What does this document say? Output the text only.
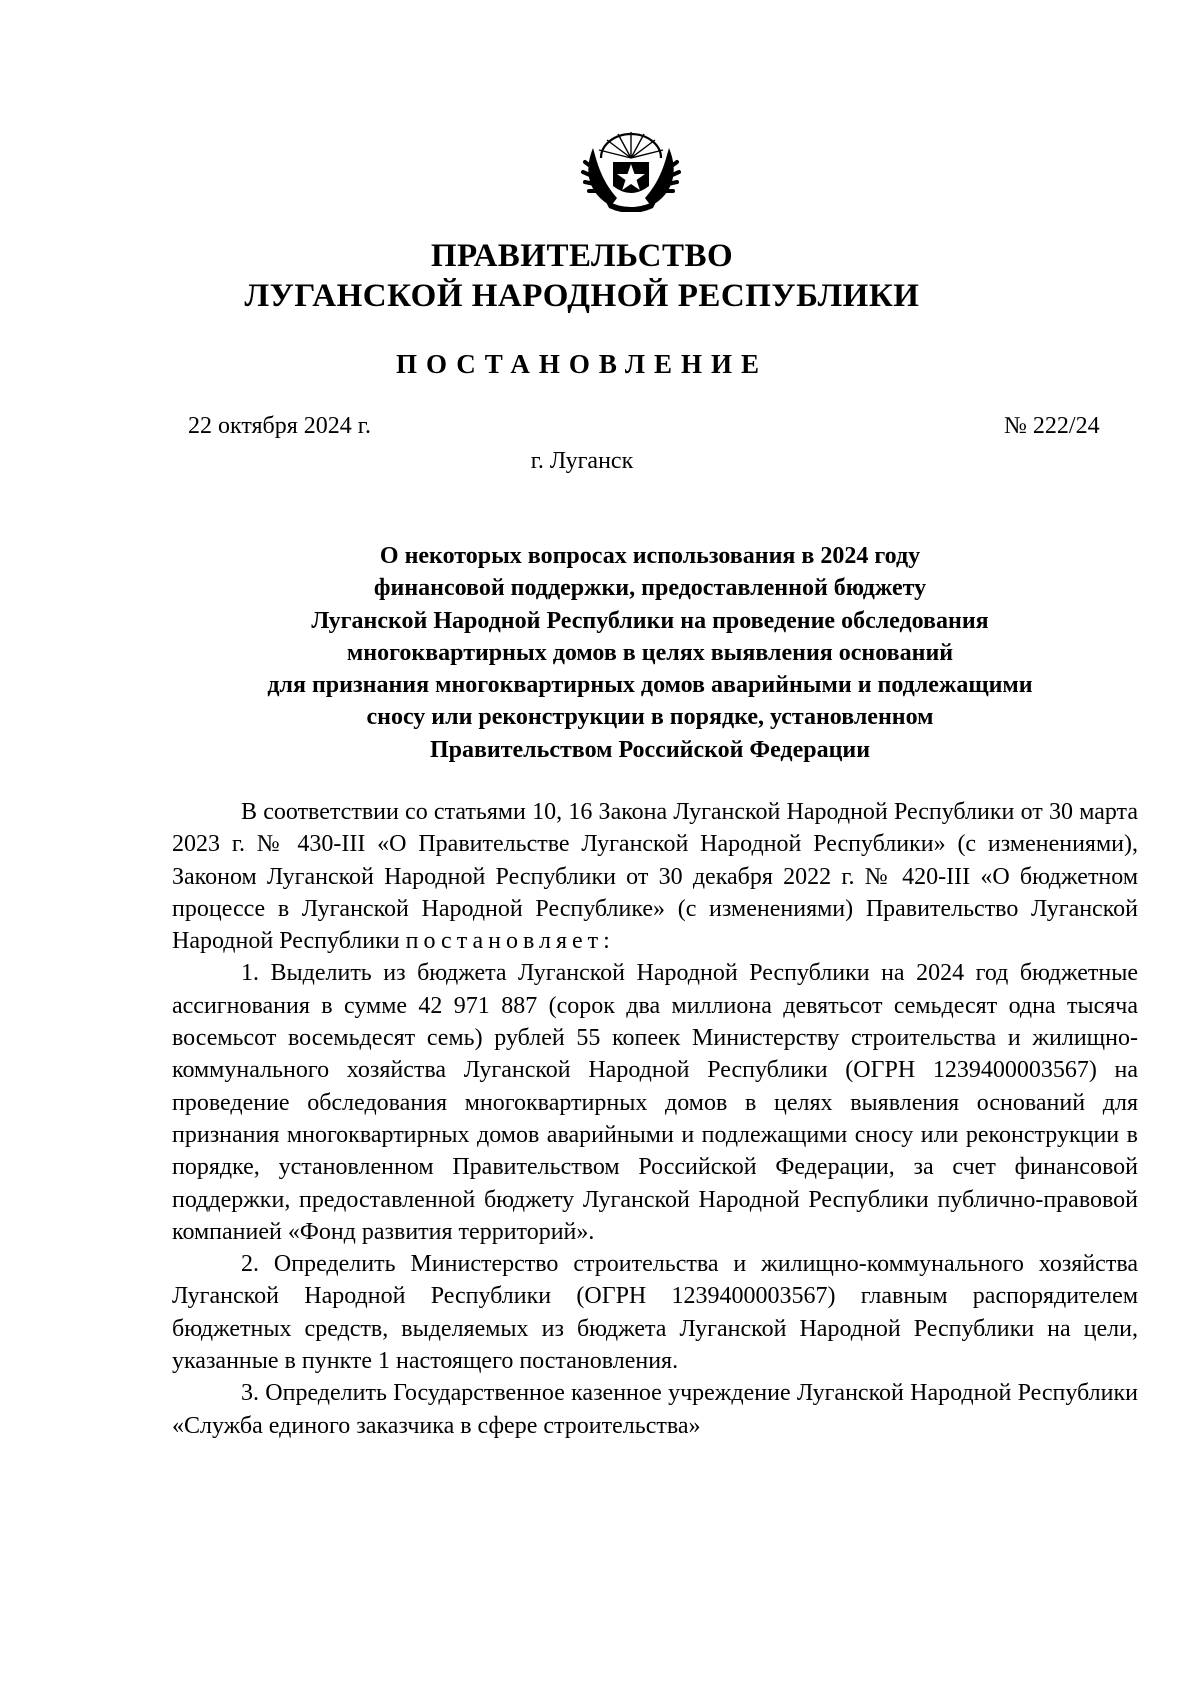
ПРАВИТЕЛЬСТВО
ЛУГАНСКОЙ НАРОДНОЙ РЕСПУБЛИКИ
ПОСТАНОВЛЕНИЕ
22 октября 2024 г.	№ 222/24
г. Луганск
О некоторых вопросах использования в 2024 году
финансовой поддержки, предоставленной бюджету
Луганской Народной Республики на проведение обследования
многоквартирных домов в целях выявления оснований
для признания многоквартирных домов аварийными и подлежащими
сносу или реконструкции в порядке, установленном
Правительством Российской Федерации

В соответствии со статьями 10, 16 Закона Луганской Народной Республики от 30 марта 2023 г. № 430-III «О Правительстве Луганской Народной Республики» (с изменениями), Законом Луганской Народной Республики от 30 декабря 2022 г. № 420-III «О бюджетном процессе в Луганской Народной Республике» (с изменениями) Правительство Луганской Народной Республики постановляет:

1. Выделить из бюджета Луганской Народной Республики на 2024 год бюджетные ассигнования в сумме 42 971 887 (сорок два миллиона девятьсот семьдесят одна тысяча восемьсот восемьдесят семь) рублей 55 копеек Министерству строительства и жилищно-коммунального хозяйства Луганской Народной Республики (ОГРН 1239400003567) на проведение обследования многоквартирных домов в целях выявления оснований для признания многоквартирных домов аварийными и подлежащими сносу или реконструкции в порядке, установленном Правительством Российской Федерации, за счет финансовой поддержки, предоставленной бюджету Луганской Народной Республики публично-правовой компанией «Фонд развития территорий».

2. Определить Министерство строительства и жилищно-коммунального хозяйства Луганской Народной Республики (ОГРН 1239400003567) главным распорядителем бюджетных средств, выделяемых из бюджета Луганской Народной Республики на цели, указанные в пункте 1 настоящего постановления.

3. Определить Государственное казенное учреждение Луганской Народной Республики «Служба единого заказчика в сфере строительства»
